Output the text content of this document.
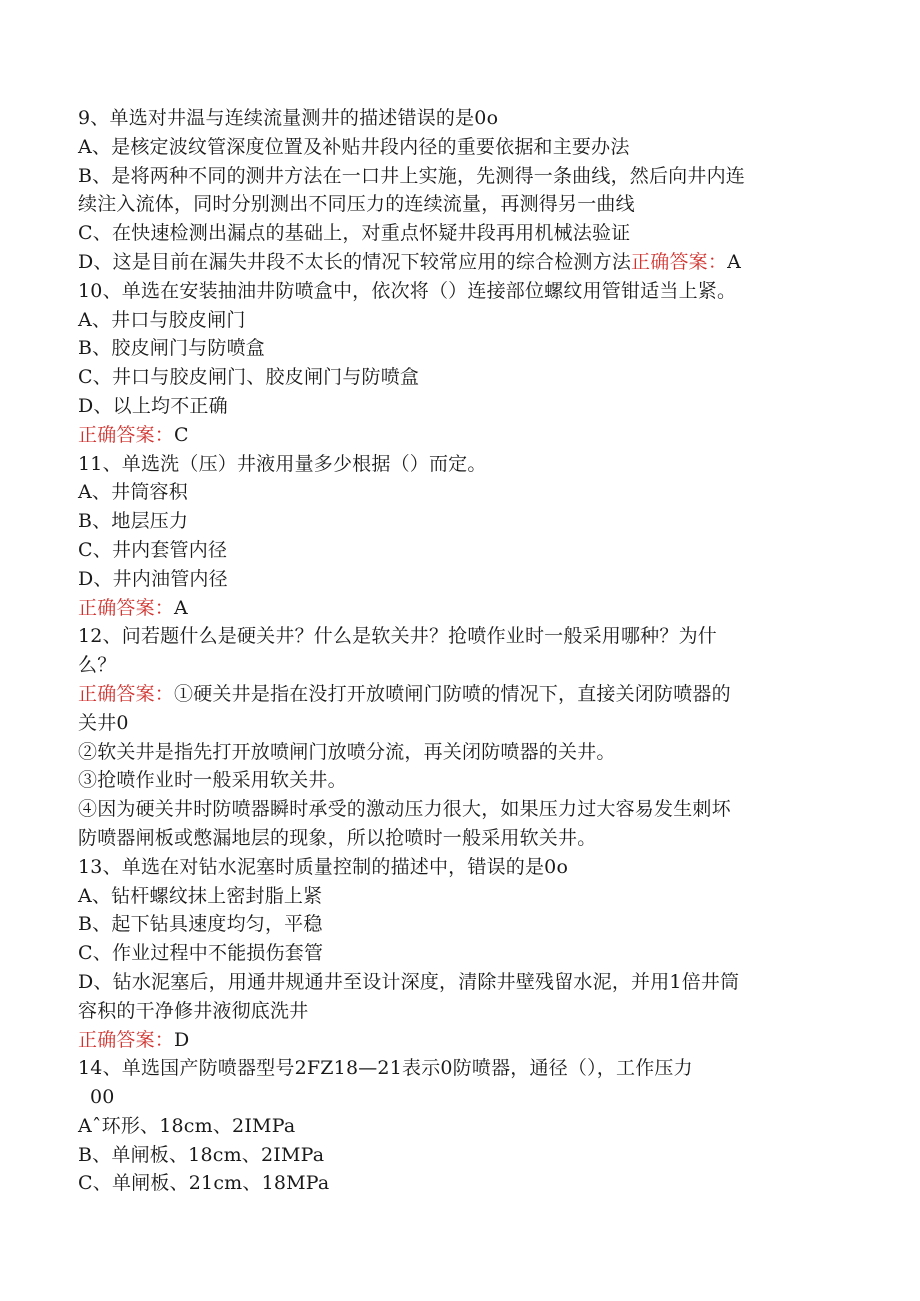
9、单选对井温与连续流量测井的描述错误的是0o
A、是核定波纹管深度位置及补贴井段内径的重要依据和主要办法
B、是将两种不同的测井方法在一口井上实施，先测得一条曲线，然后向井内连
续注入流体，同时分别测出不同压力的连续流量，再测得另一曲线
C、在快速检测出漏点的基础上，对重点怀疑井段再用机械法验证
D、这是目前在漏失井段不太长的情况下较常应用的综合检测方法正确答案：A
10、单选在安装抽油井防喷盒中，依次将（）连接部位螺纹用管钳适当上紧。
A、井口与胶皮闸门
B、胶皮闸门与防喷盒
C、井口与胶皮闸门、胶皮闸门与防喷盒
D、以上均不正确
正确答案：C
11、单选洗（压）井液用量多少根据（）而定。
A、井筒容积
B、地层压力
C、井内套管内径
D、井内油管内径
正确答案：A
12、问若题什么是硬关井？什么是软关井？抢喷作业时一般采用哪种？为什
么？
正确答案：①硬关井是指在没打开放喷闸门防喷的情况下，直接关闭防喷器的
关井0
②软关井是指先打开放喷闸门放喷分流，再关闭防喷器的关井。
③抢喷作业时一般采用软关井。
④因为硬关井时防喷器瞬时承受的激动压力很大，如果压力过大容易发生刺坏
防喷器闸板或憋漏地层的现象，所以抢喷时一般采用软关井。
13、单选在对钻水泥塞时质量控制的描述中，错误的是0o
A、钻杆螺纹抹上密封脂上紧
B、起下钻具速度均匀，平稳
C、作业过程中不能损伤套管
D、钻水泥塞后，用通井规通井至设计深度，清除井壁残留水泥，并用1倍井筒
容积的干净修井液彻底洗井
正确答案：D
14、单选国产防喷器型号2FZ18—21表示0防喷器，通径（），工作压力
00
Aˆ环形、18cm、2IMPa
B、单闸板、18cm、2IMPa
C、单闸板、21cm、18MPa
